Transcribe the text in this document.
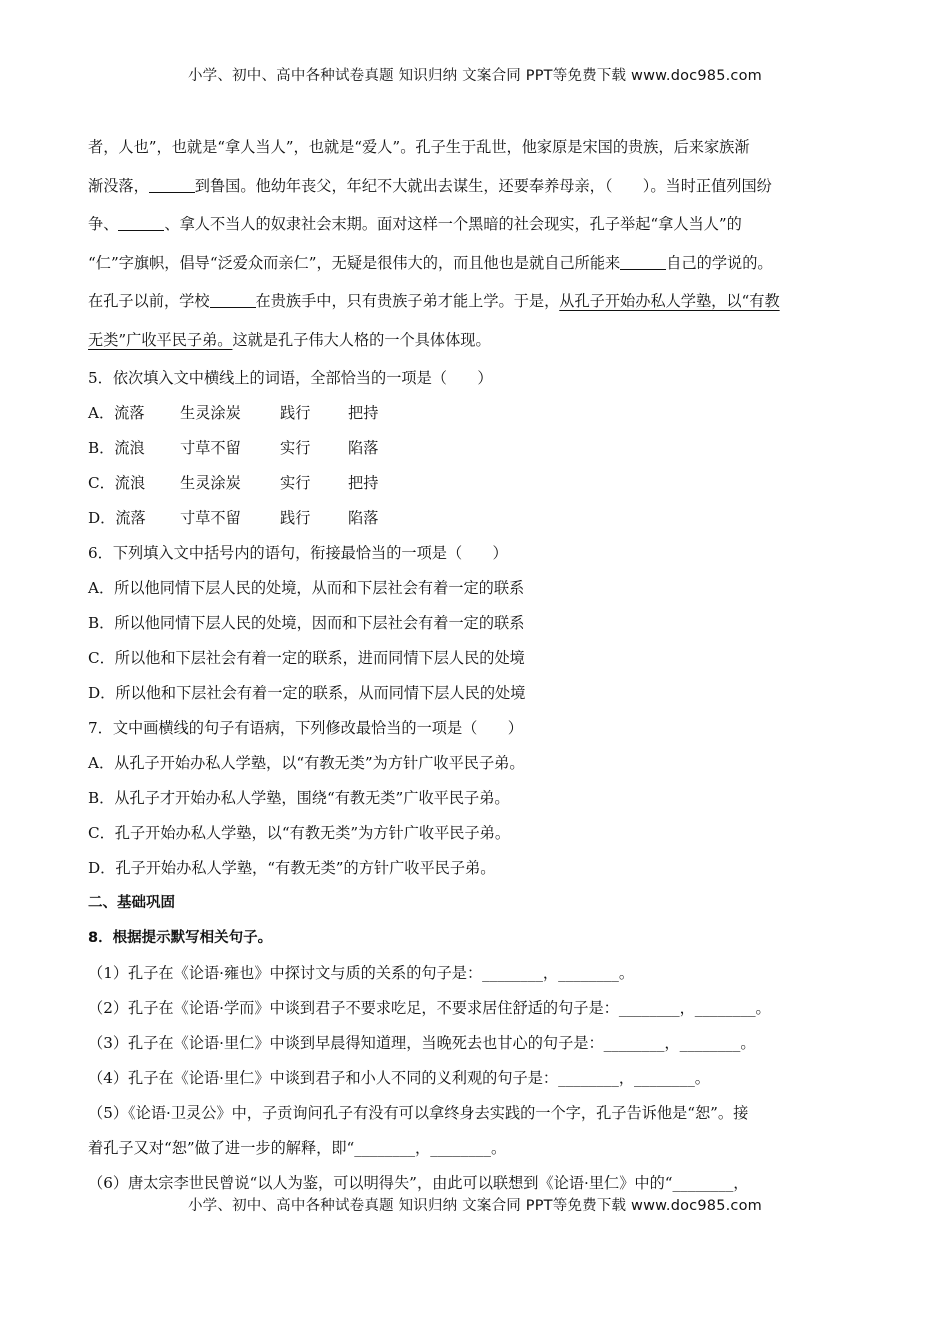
小学、初中、高中各种试卷真题 知识归纳 文案合同 PPT等免费下载 www.doc985.com
者，人也”，也就是“拿人当人”，也就是“爱人”。孔子生于乱世，他家原是宋国的贵族，后来家族渐
渐没落，	到鲁国。他幼年丧父，年纪不大就出去谋生，还要奉养母亲，（　　）。当时正值列国纷
争、	、拿人不当人的奴隶社会末期。面对这样一个黑暗的社会现实，孔子举起“拿人当人”的
“仁”字旗帜，倡导“泛爱众而亲仁”，无疑是很伟大的，而且他也是就自己所能来	自己的学说的。
在孔子以前，学校	在贵族手中，只有贵族子弟才能上学。于是，从孔子开始办私人学塾，以“有教
无类”广收平民子弟。这就是孔子伟大人格的一个具体体现。
5．依次填入文中横线上的词语，全部恰当的一项是（　　）
A．流落 生灵涂炭	践行 把持
B．流浪 寸草不留	实行 陷落
C．流浪 生灵涂炭	实行 把持
D．流落 寸草不留	践行 陷落
6．下列填入文中括号内的语句，衔接最恰当的一项是（　　）
A．所以他同情下层人民的处境，从而和下层社会有着一定的联系
B．所以他同情下层人民的处境，因而和下层社会有着一定的联系
C．所以他和下层社会有着一定的联系，进而同情下层人民的处境
D．所以他和下层社会有着一定的联系，从而同情下层人民的处境
7．文中画横线的句子有语病，下列修改最恰当的一项是（　　）
A．从孔子开始办私人学塾，以“有教无类”为方针广收平民子弟。
B．从孔子才开始办私人学塾，围绕“有教无类”广收平民子弟。
C．孔子开始办私人学塾，以“有教无类”为方针广收平民子弟。
D．孔子开始办私人学塾，“有教无类”的方针广收平民子弟。
二、基础巩固
8．根据提示默写相关句子。
（1）孔子在《论语·雍也》中探讨文与质的关系的句子是：________，________。
（2）孔子在《论语·学而》中谈到君子不要求吃足，不要求居住舒适的句子是：________，________。
（3）孔子在《论语·里仁》中谈到早晨得知道理，当晚死去也甘心的句子是：________，________。
（4）孔子在《论语·里仁》中谈到君子和小人不同的义利观的句子是：________，________。
（5）《论语·卫灵公》中，子贡询问孔子有没有可以拿终身去实践的一个字，孔子告诉他是“恕”。接
着孔子又对“恕”做了进一步的解释，即“________，________。
（6）唐太宗李世民曾说“以人为鉴，可以明得失”，由此可以联想到《论语·里仁》中的“________，
小学、初中、高中各种试卷真题 知识归纳 文案合同 PPT等免费下载 www.doc985.com
